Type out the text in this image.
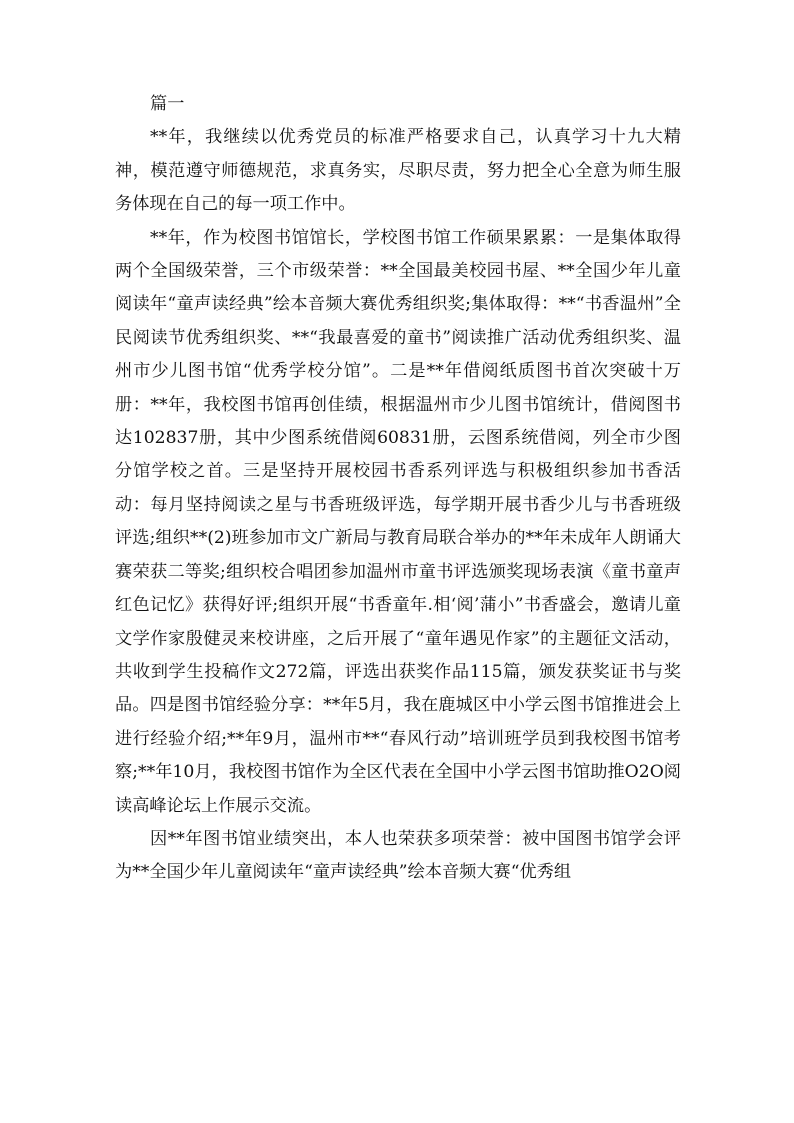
篇一

**年，我继续以优秀党员的标准严格要求自己，认真学习十九大精神，模范遵守师德规范，求真务实，尽职尽责，努力把全心全意为师生服务体现在自己的每一项工作中。

**年，作为校图书馆馆长，学校图书馆工作硕果累累：一是集体取得两个全国级荣誉，三个市级荣誉：**全国最美校园书屋、**全国少年儿童阅读年“童声读经典”绘本音频大赛优秀组织奖;集体取得：**“书香温州”全民阅读节优秀组织奖、**“我最喜爱的童书”阅读推广活动优秀组织奖、温州市少儿图书馆“优秀学校分馆”。二是**年借阅纸质图书首次突破十万册：**年，我校图书馆再创佳绩，根据温州市少儿图书馆统计，借阅图书达102837册，其中少图系统借阅60831册，云图系统借阅，列全市少图分馆学校之首。三是坚持开展校园书香系列评选与积极组织参加书香活动：每月坚持阅读之星与书香班级评选，每学期开展书香少儿与书香班级评选;组织**(2)班参加市文广新局与教育局联合举办的**年未成年人朗诵大赛荣获二等奖;组织校合唱团参加温州市童书评选颁奖现场表演《童书童声红色记忆》获得好评;组织开展“书香童年.相‘阅’蒲小”书香盛会，邀请儿童文学作家殷健灵来校讲座，之后开展了“童年遇见作家”的主题征文活动，共收到学生投稿作文272篇，评选出获奖作品115篇，颁发获奖证书与奖品。四是图书馆经验分享：**年5月，我在鹿城区中小学云图书馆推进会上进行经验介绍;**年9月，温州市**“春风行动”培训班学员到我校图书馆考察;**年10月，我校图书馆作为全区代表在全国中小学云图书馆助推O2O阅读高峰论坛上作展示交流。

因**年图书馆业绩突出，本人也荣获多项荣誉：被中国图书馆学会评为**全国少年儿童阅读年“童声读经典”绘本音频大赛“优秀组
